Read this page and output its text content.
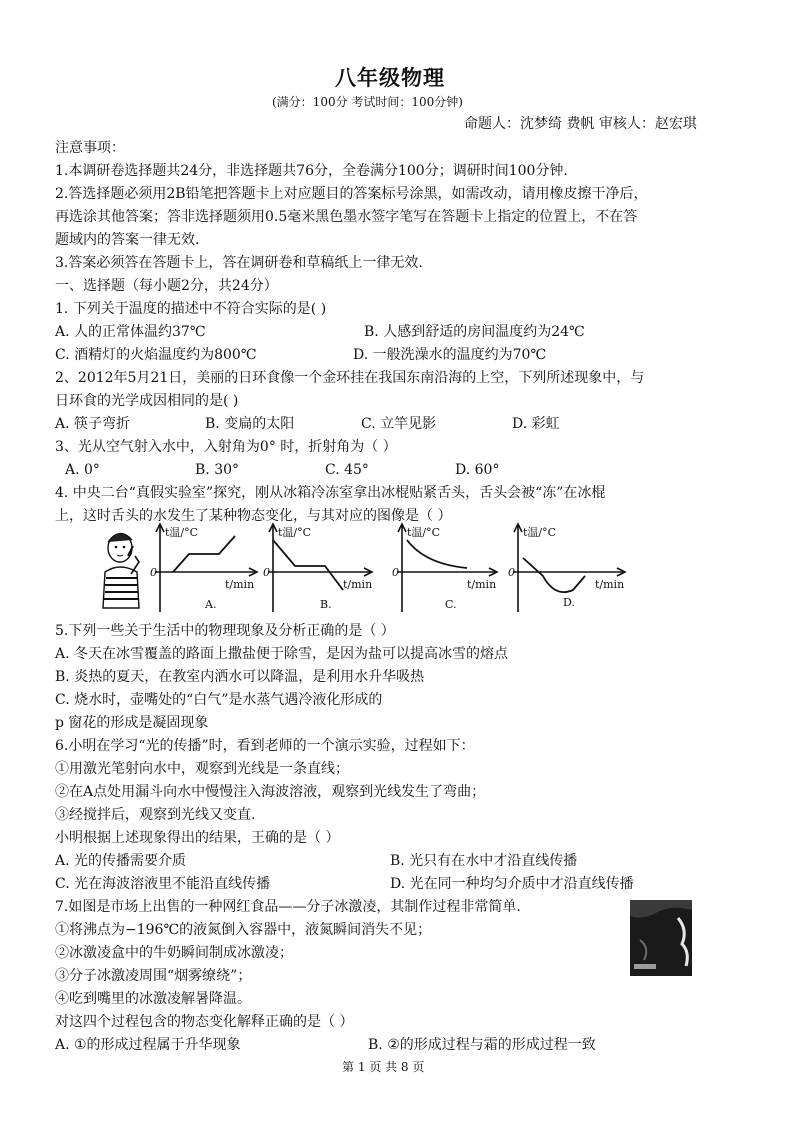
八年级物理
(满分：100分 考试时间：100分钟)
命题人：沈梦绮 费帆 审核人：赵宏琪
注意事项：
1.本调研卷选择题共24分，非选择题共76分，全卷满分100分；调研时间100分钟.
2.答选择题必须用2B铅笔把答题卡上对应题目的答案标号涂黑，如需改动，请用橡皮擦干净后，
再选涂其他答案；答非选择题须用0.5毫米黑色墨水签字笔写在答题卡上指定的位置上，不在答
题域内的答案一律无效.
3.答案必须答在答题卡上，答在调研卷和草稿纸上一律无效.
一、选择题（每小题2分，共24分）
1. 下列关于温度的描述中不符合实际的是( )
A. 人的正常体温约37℃	B. 人感到舒适的房间温度约为24℃
C. 酒精灯的火焰温度约为800℃	D. 一般洗澡水的温度约为70℃
2、2012年5月21日，美丽的日环食像一个金环挂在我国东南沿海的上空，下列所述现象中，与
日环食的光学成因相同的是( )
A. 筷子弯折	B. 变扁的太阳	C. 立竿见影	D. 彩虹
3、光从空气射入水中，入射角为0° 时，折射角为（ ）
A. 0°	B. 30°	C. 45°	D. 60°
4. 中央二台“真假实验室”探究，刚从冰箱冷冻室拿出冰棍贴紧舌头，舌头会被“冻”在冰棍
上，这时舌头的水发生了某种物态变化，与其对应的图像是（ ）
t温/°C
0
t/min
A.
t温/°C
0
t/min
B.
t温/°C
0
t/min
C.
t温/°C
0
t/min
D.
5.下列一些关于生活中的物理现象及分析正确的是（ ）
A. 冬天在冰雪覆盖的路面上撒盐便于除雪，是因为盐可以提高冰雪的熔点
B. 炎热的夏天，在教室内洒水可以降温，是利用水升华吸热
C. 烧水时，壶嘴处的“白气”是水蒸气遇冷液化形成的
p 窗花的形成是凝固现象
6.小明在学习“光的传播”时，看到老师的一个演示实验，过程如下：
①用激光笔射向水中，观察到光线是一条直线；
②在A点处用漏斗向水中慢慢注入海波溶液，观察到光线发生了弯曲；
③经搅拌后，观察到光线又变直.
小明根据上述现象得出的结果，王确的是（ ）
A. 光的传播需要介质	B. 光只有在水中才沿直线传播
C. 光在海波溶液里不能沿直线传播	D. 光在同一种均匀介质中才沿直线传播
7.如图是市场上出售的一种网红食品——分子冰激凌，其制作过程非常简单.
①将沸点为−196℃的液氮倒入容器中，液氮瞬间消失不见；
②冰激凌盒中的牛奶瞬间制成冰激凌；
③分子冰激凌周围“烟雾缭绕”；
④吃到嘴里的冰激凌解暑降温。
对这四个过程包含的物态变化解释正确的是（ ）
A. ①的形成过程属于升华现象	B. ②的形成过程与霜的形成过程一致
第 1 页 共 8 页
